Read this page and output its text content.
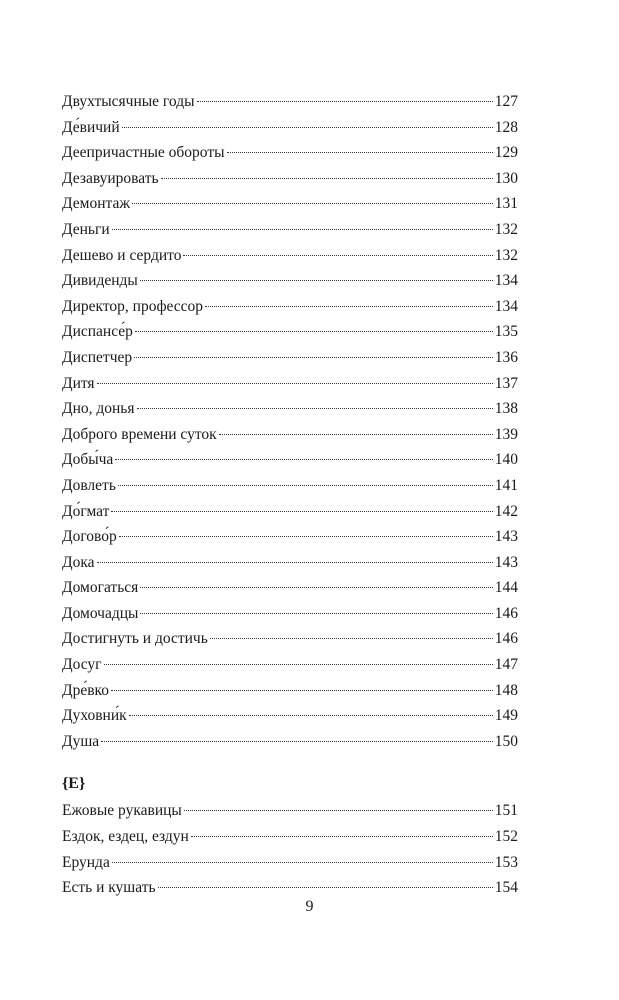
Двухтысячные годы	127
Де́вичий	128
Деепричастные обороты	129
Дезавуировать	130
Демонтаж	131
Деньги	132
Дешево и сердито	132
Дивиденды	134
Директор, профессор	134
Диспансе́р	135
Диспетчер	136
Дитя	137
Дно, донья	138
Доброго времени суток	139
Добы́ча	140
Довлеть	141
До́гмат	142
Догово́р	143
Дока	143
Домогаться	144
Домочадцы	146
Достигнуть и достичь	146
Досуг	147
Дре́вко	148
Духовни́к	149
Душа	150
{Е}
Ежовые рукавицы	151
Ездок, ездец, ездун	152
Ерунда	153
Есть и кушать	154
9
